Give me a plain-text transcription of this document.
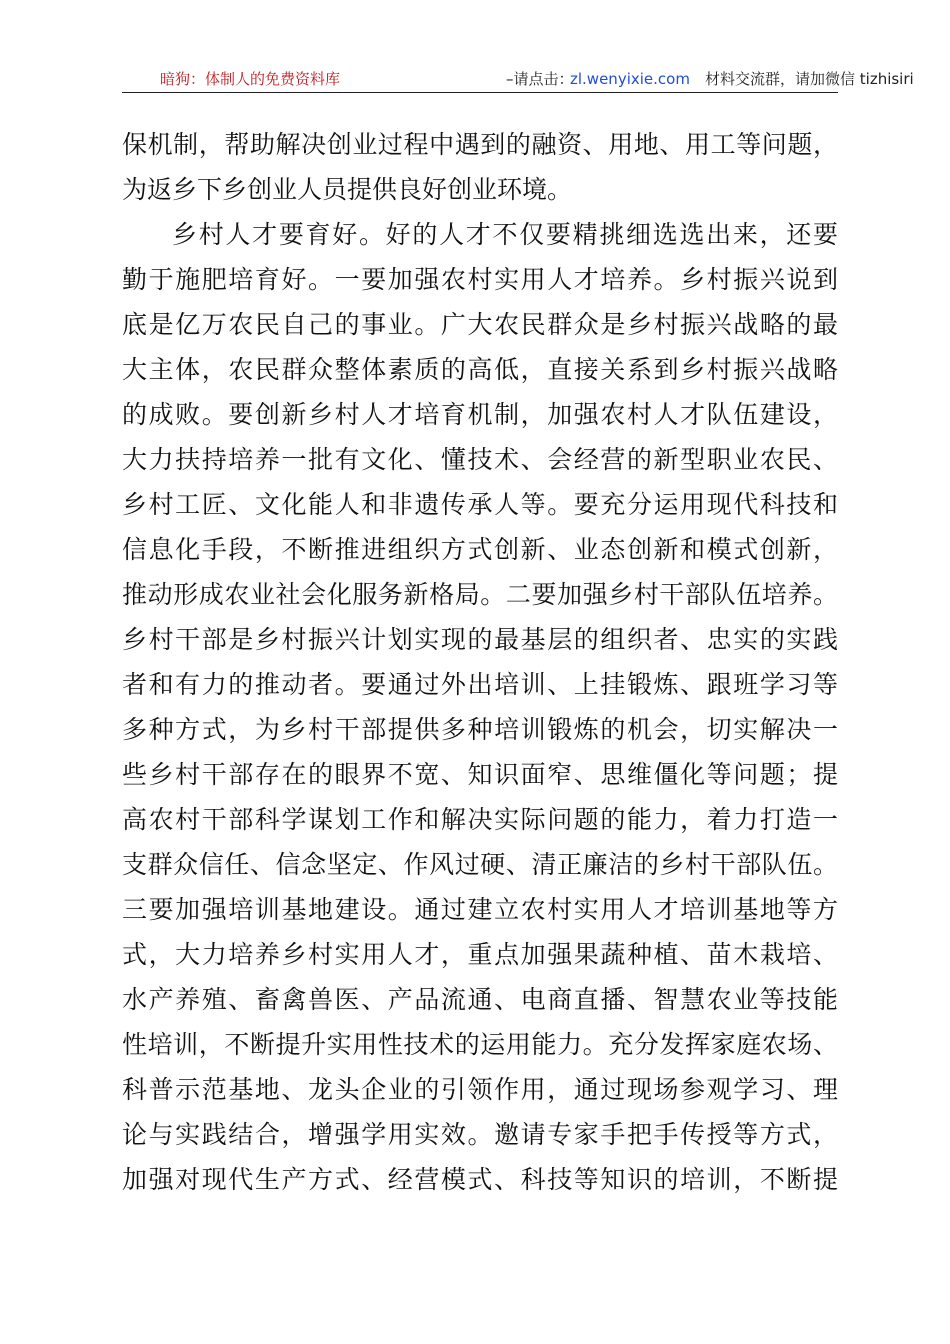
暗狗：体制人的免费资料库	–请点击：
zl.wenyixie.com 材料交流群，请加微信 tizhisiri
保机制，帮助解决创业过程中遇到的融资、用地、用工等问题，
为返乡下乡创业人员提供良好创业环境。
乡村人才要育好。好的人才不仅要精挑细选选出来，还要
勤于施肥培育好。一要加强农村实用人才培养。乡村振兴说到
底是亿万农民自己的事业。广大农民群众是乡村振兴战略的最
大主体，农民群众整体素质的高低，直接关系到乡村振兴战略
的成败。要创新乡村人才培育机制，加强农村人才队伍建设，
大力扶持培养一批有文化、懂技术、会经营的新型职业农民、
乡村工匠、文化能人和非遗传承人等。要充分运用现代科技和
信息化手段，不断推进组织方式创新、业态创新和模式创新，
推动形成农业社会化服务新格局。二要加强乡村干部队伍培养。
乡村干部是乡村振兴计划实现的最基层的组织者、忠实的实践
者和有力的推动者。要通过外出培训、上挂锻炼、跟班学习等
多种方式，为乡村干部提供多种培训锻炼的机会，切实解决一
些乡村干部存在的眼界不宽、知识面窄、思维僵化等问题；提
高农村干部科学谋划工作和解决实际问题的能力，着力打造一
支群众信任、信念坚定、作风过硬、清正廉洁的乡村干部队伍。
三要加强培训基地建设。通过建立农村实用人才培训基地等方
式，大力培养乡村实用人才，重点加强果蔬种植、苗木栽培、
水产养殖、畜禽兽医、产品流通、电商直播、智慧农业等技能
性培训，不断提升实用性技术的运用能力。充分发挥家庭农场、
科普示范基地、龙头企业的引领作用，通过现场参观学习、理
论与实践结合，增强学用实效。邀请专家手把手传授等方式，
加强对现代生产方式、经营模式、科技等知识的培训，不断提
